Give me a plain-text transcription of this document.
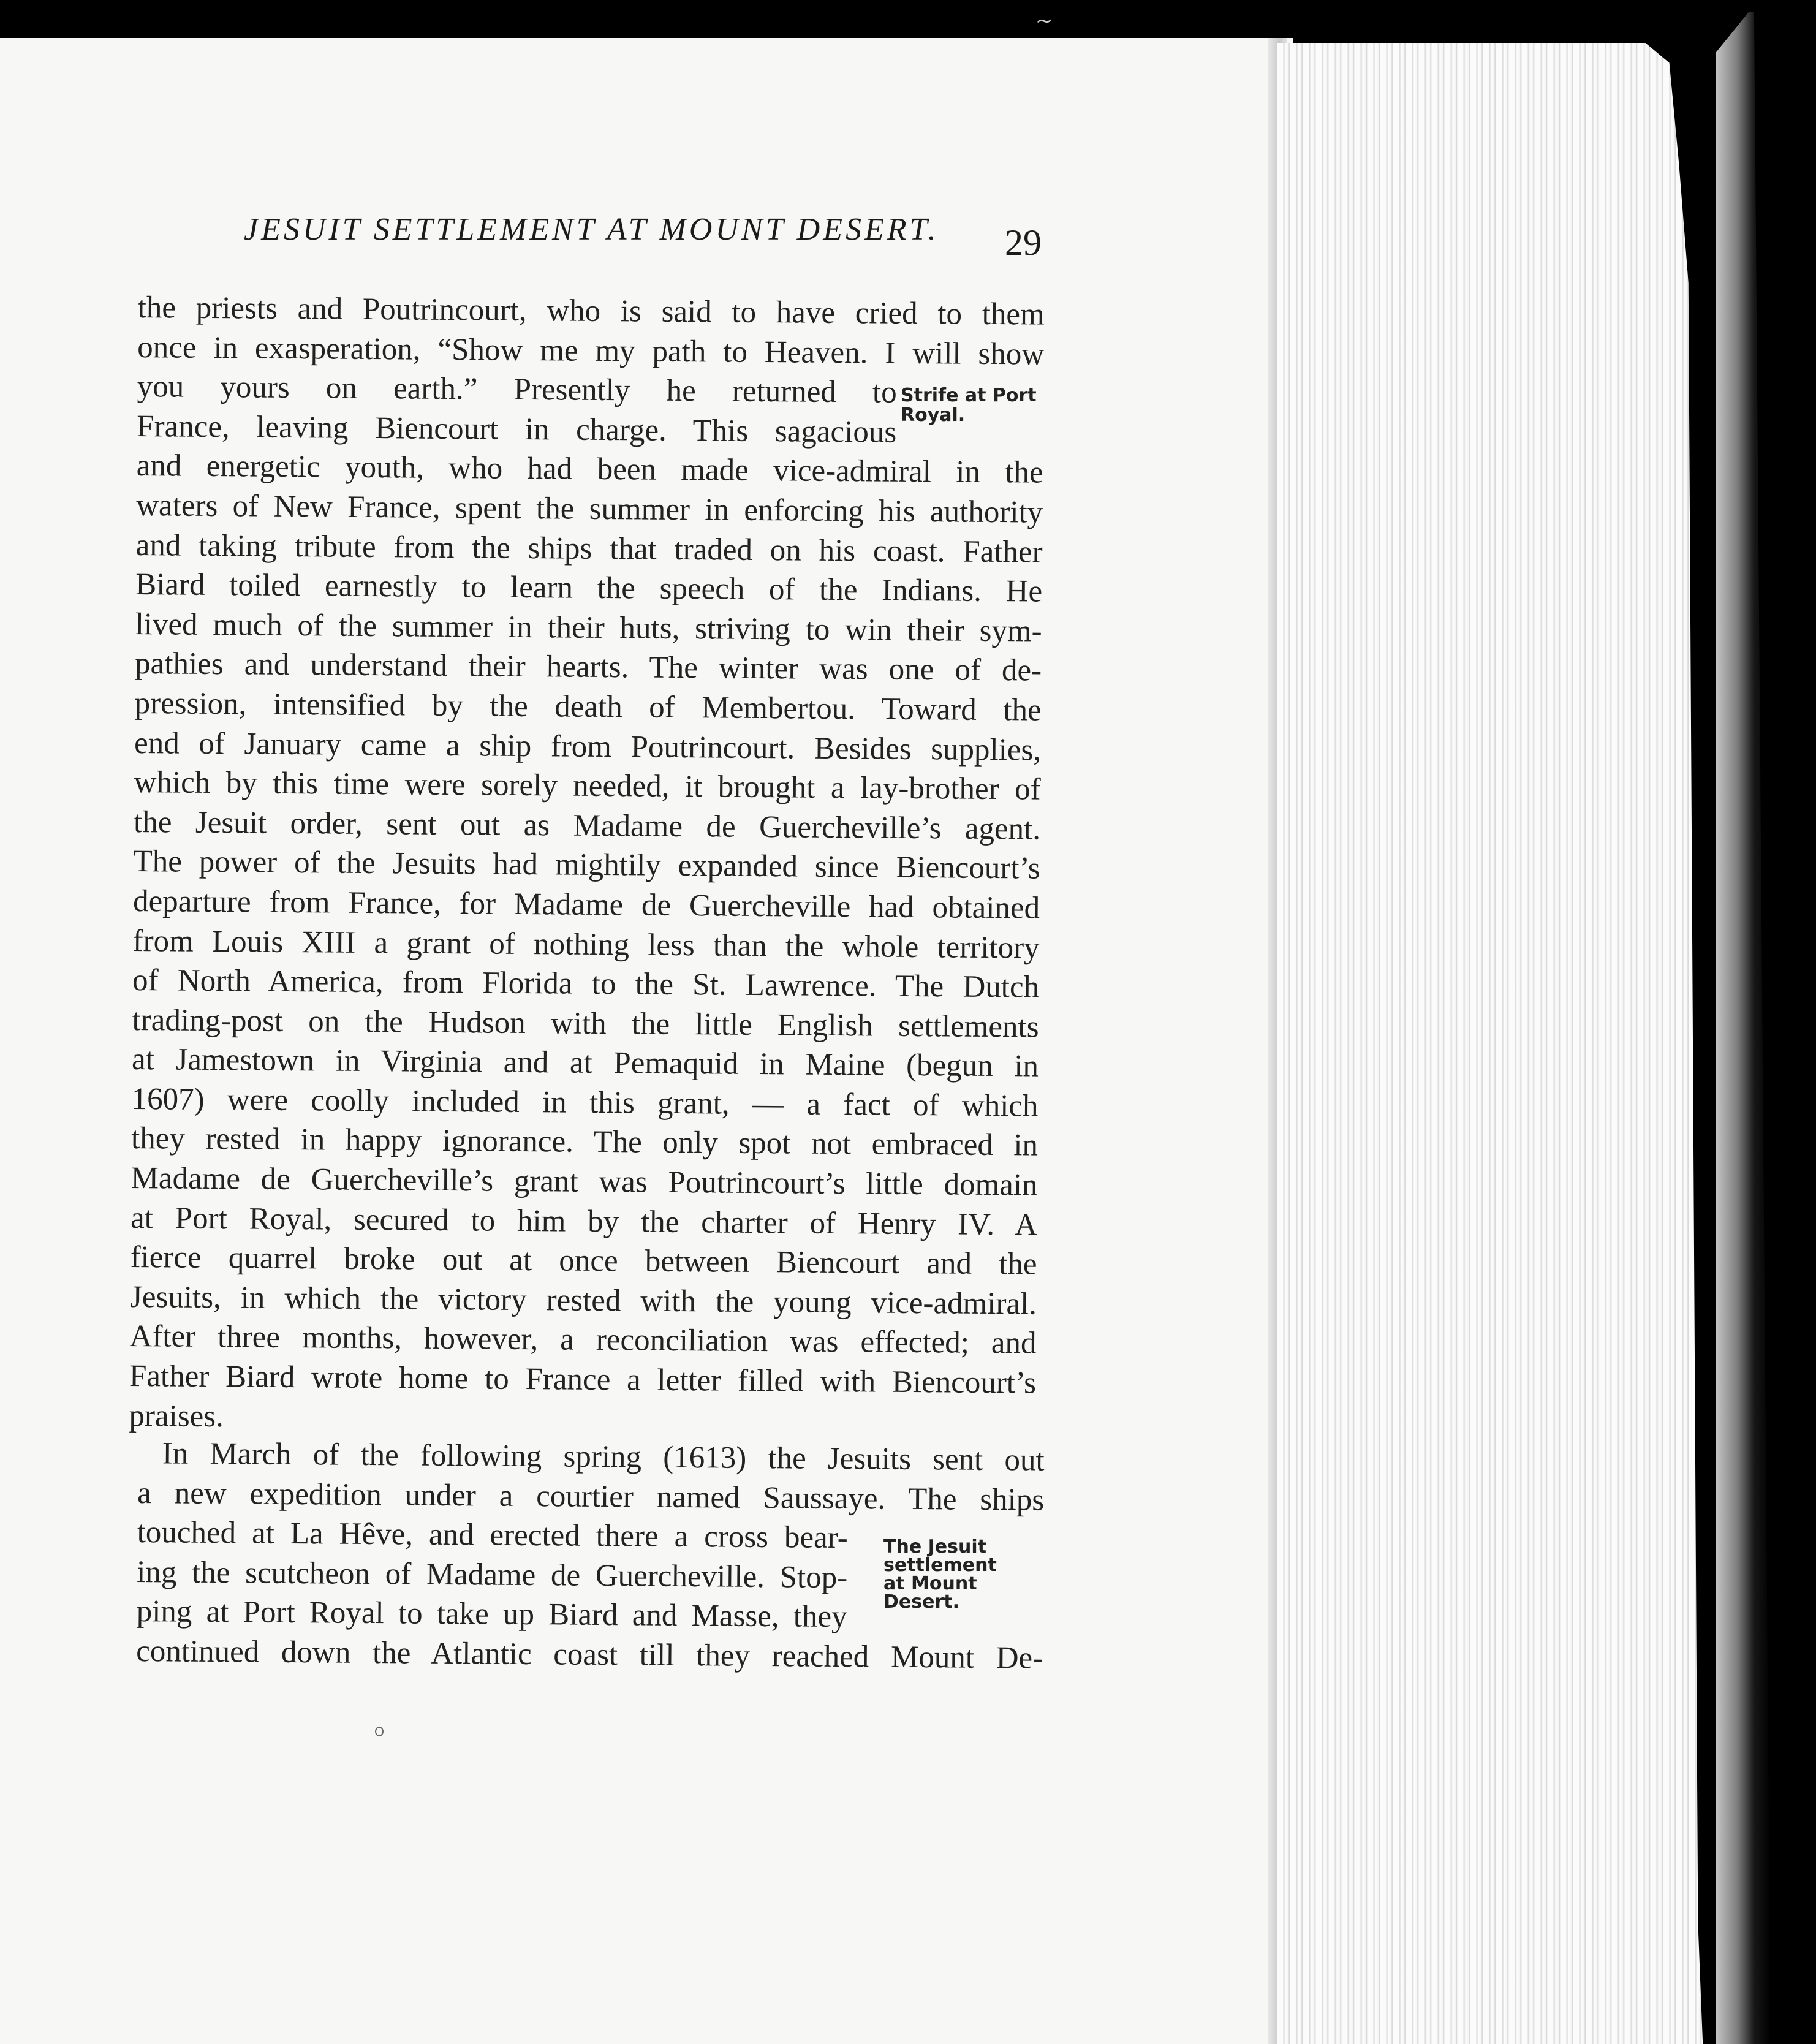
~
JESUIT SETTLEMENT AT MOUNT DESERT.	29
the priests and Poutrincourt, who is said to have cried to them
once in exasperation, “Show me my path to Heaven. I will show
you yours on earth.” Presently he returned to
France, leaving Biencourt in charge. This sagacious
and energetic youth, who had been made vice-admiral in the
waters of New France, spent the summer in enforcing his authority
and taking tribute from the ships that traded on his coast. Father
Biard toiled earnestly to learn the speech of the Indians. He
lived much of the summer in their huts, striving to win their sym-
pathies and understand their hearts. The winter was one of de-
pression, intensified by the death of Membertou. Toward the
end of January came a ship from Poutrincourt. Besides supplies,
which by this time were sorely needed, it brought a lay-brother of
the Jesuit order, sent out as Madame de Guercheville’s agent.
The power of the Jesuits had mightily expanded since Biencourt’s
departure from France, for Madame de Guercheville had obtained
from Louis XIII a grant of nothing less than the whole territory
of North America, from Florida to the St. Lawrence. The Dutch
trading-post on the Hudson with the little English settlements
at Jamestown in Virginia and at Pemaquid in Maine (begun in
1607) were coolly included in this grant, — a fact of which
they rested in happy ignorance. The only spot not embraced in
Madame de Guercheville’s grant was Poutrincourt’s little domain
at Port Royal, secured to him by the charter of Henry IV. A
fierce quarrel broke out at once between Biencourt and the
Jesuits, in which the victory rested with the young vice-admiral.
After three months, however, a reconciliation was effected; and
Father Biard wrote home to France a letter filled with Biencourt’s
praises.
In March of the following spring (1613) the Jesuits sent out
a new expedition under a courtier named Saussaye. The ships
touched at La Hêve, and erected there a cross bear-
ing the scutcheon of Madame de Guercheville. Stop-
ping at Port Royal to take up Biard and Masse, they
continued down the Atlantic coast till they reached Mount De-
Strife at Port
Royal.
The Jesuit
settlement
at Mount
Desert.
